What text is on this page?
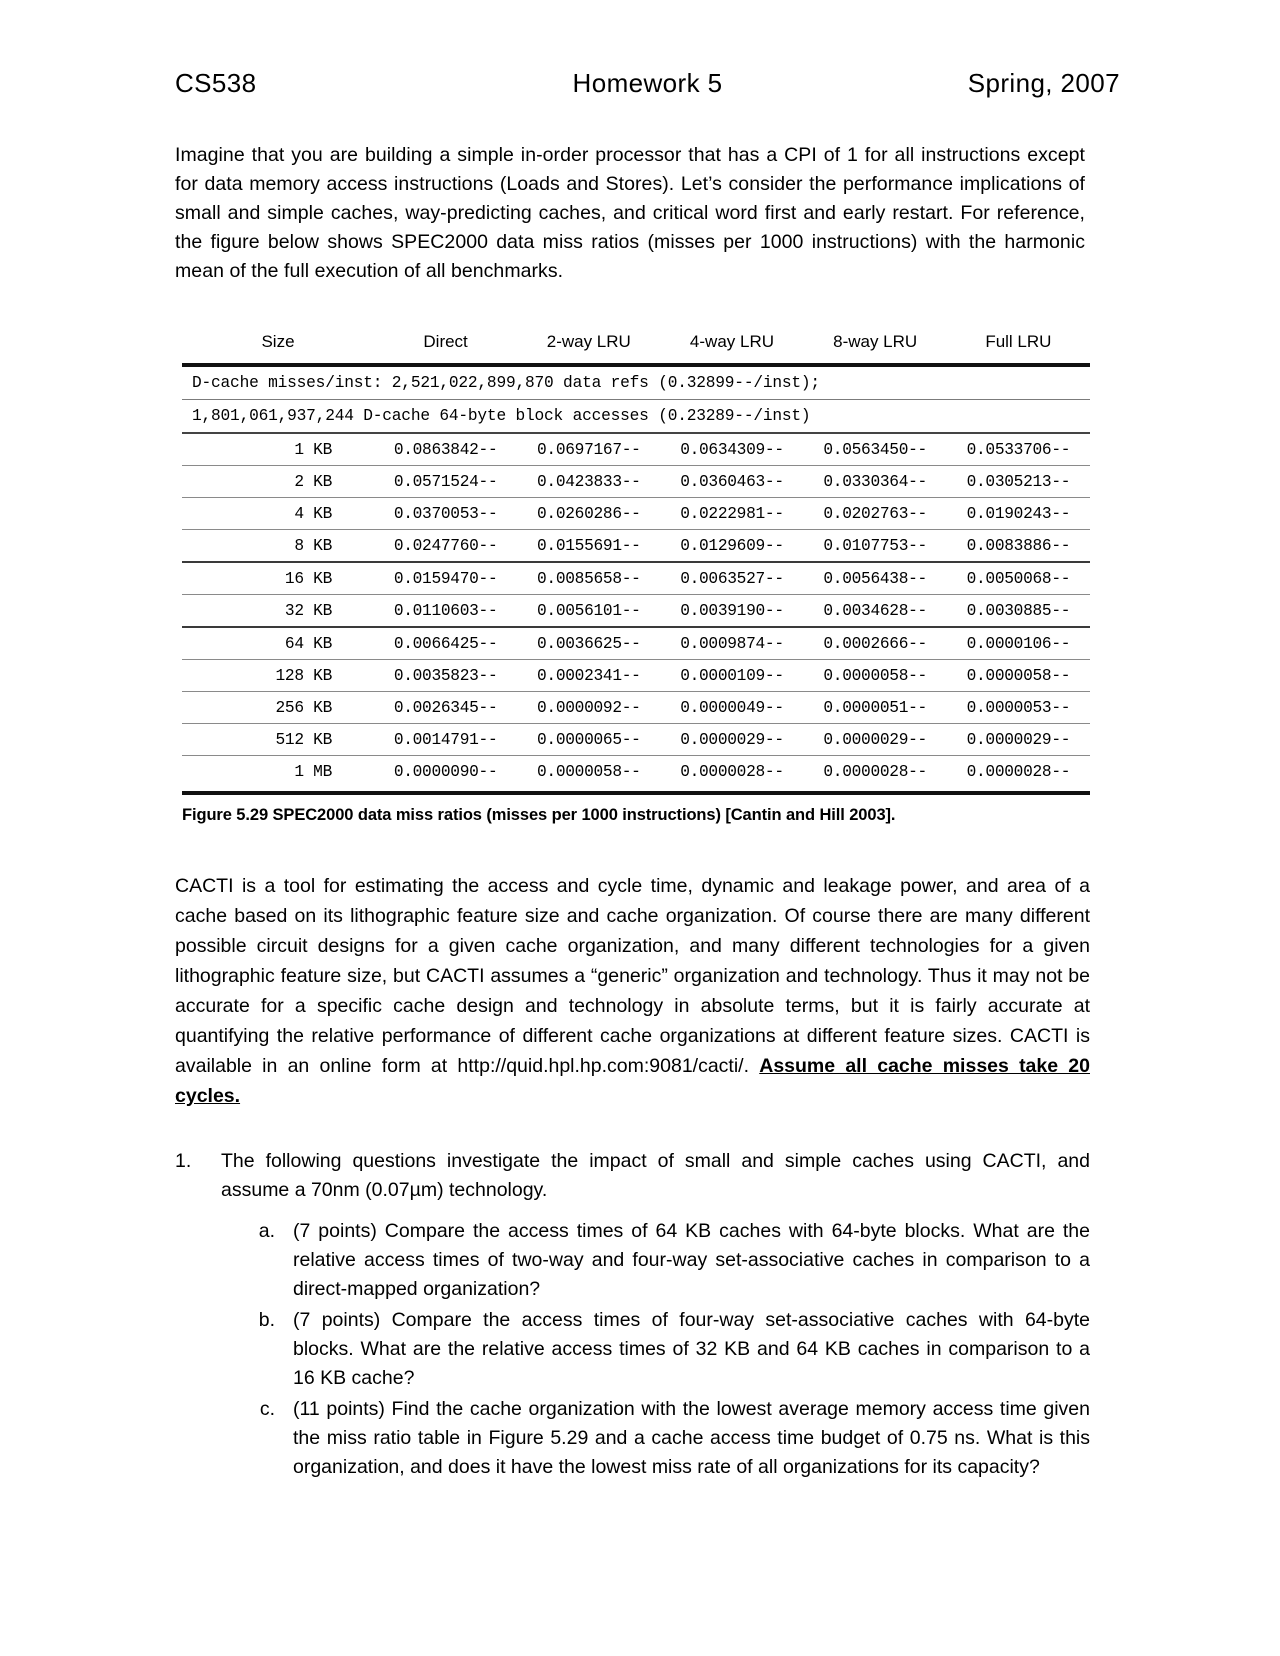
CS538	Homework 5	Spring, 2007

Imagine that you are building a simple in-order processor that has a CPI of 1 for all instructions except for data memory access instructions (Loads and Stores). Let’s consider the performance implications of small and simple caches, way-predicting caches, and critical word first and early restart. For reference, the figure below shows SPEC2000 data miss ratios (misses per 1000 instructions) with the harmonic mean of the full execution of all benchmarks.

D-cache misses/inst: 2,521,022,899,870 data refs (0.32899--/inst);					
1,801,061,937,244 D-cache 64-byte block accesses (0.23289--/inst)					
Size	Direct	2-way LRU	4-way LRU	8-way LRU	Full LRU
1 KB	0.0863842--	0.0697167--	0.0634309--	0.0563450--	0.0533706--
2 KB	0.0571524--	0.0423833--	0.0360463--	0.0330364--	0.0305213--
4 KB	0.0370053--	0.0260286--	0.0222981--	0.0202763--	0.0190243--
8 KB	0.0247760--	0.0155691--	0.0129609--	0.0107753--	0.0083886--
16 KB	0.0159470--	0.0085658--	0.0063527--	0.0056438--	0.0050068--
32 KB	0.0110603--	0.0056101--	0.0039190--	0.0034628--	0.0030885--
64 KB	0.0066425--	0.0036625--	0.0009874--	0.0002666--	0.0000106--
128 KB	0.0035823--	0.0002341--	0.0000109--	0.0000058--	0.0000058--
256 KB	0.0026345--	0.0000092--	0.0000049--	0.0000051--	0.0000053--
512 KB	0.0014791--	0.0000065--	0.0000029--	0.0000029--	0.0000029--
1 MB	0.0000090--	0.0000058--	0.0000028--	0.0000028--	0.0000028--
Figure 5.29 SPEC2000 data miss ratios (misses per 1000 instructions) [Cantin and Hill 2003].

CACTI is a tool for estimating the access and cycle time, dynamic and leakage power, and area of a cache based on its lithographic feature size and cache organization. Of course there are many different possible circuit designs for a given cache organization, and many different technologies for a given lithographic feature size, but CACTI assumes a “generic” organization and technology. Thus it may not be accurate for a specific cache design and technology in absolute terms, but it is fairly accurate at quantifying the relative performance of different cache organizations at different feature sizes. CACTI is available in an online form at http://quid.hpl.hp.com:9081/cacti/. Assume all cache misses take 20 cycles.

1. The following questions investigate the impact of small and simple caches using CACTI, and assume a 70nm (0.07µm) technology.
a. (7 points) Compare the access times of 64 KB caches with 64-byte blocks. What are the relative access times of two-way and four-way set-associative caches in comparison to a direct-mapped organization?
b. (7 points) Compare the access times of four-way set-associative caches with 64-byte blocks. What are the relative access times of 32 KB and 64 KB caches in comparison to a 16 KB cache?
c. (11 points) Find the cache organization with the lowest average memory access time given the miss ratio table in Figure 5.29 and a cache access time budget of 0.75 ns. What is this organization, and does it have the lowest miss rate of all organizations for its capacity?
